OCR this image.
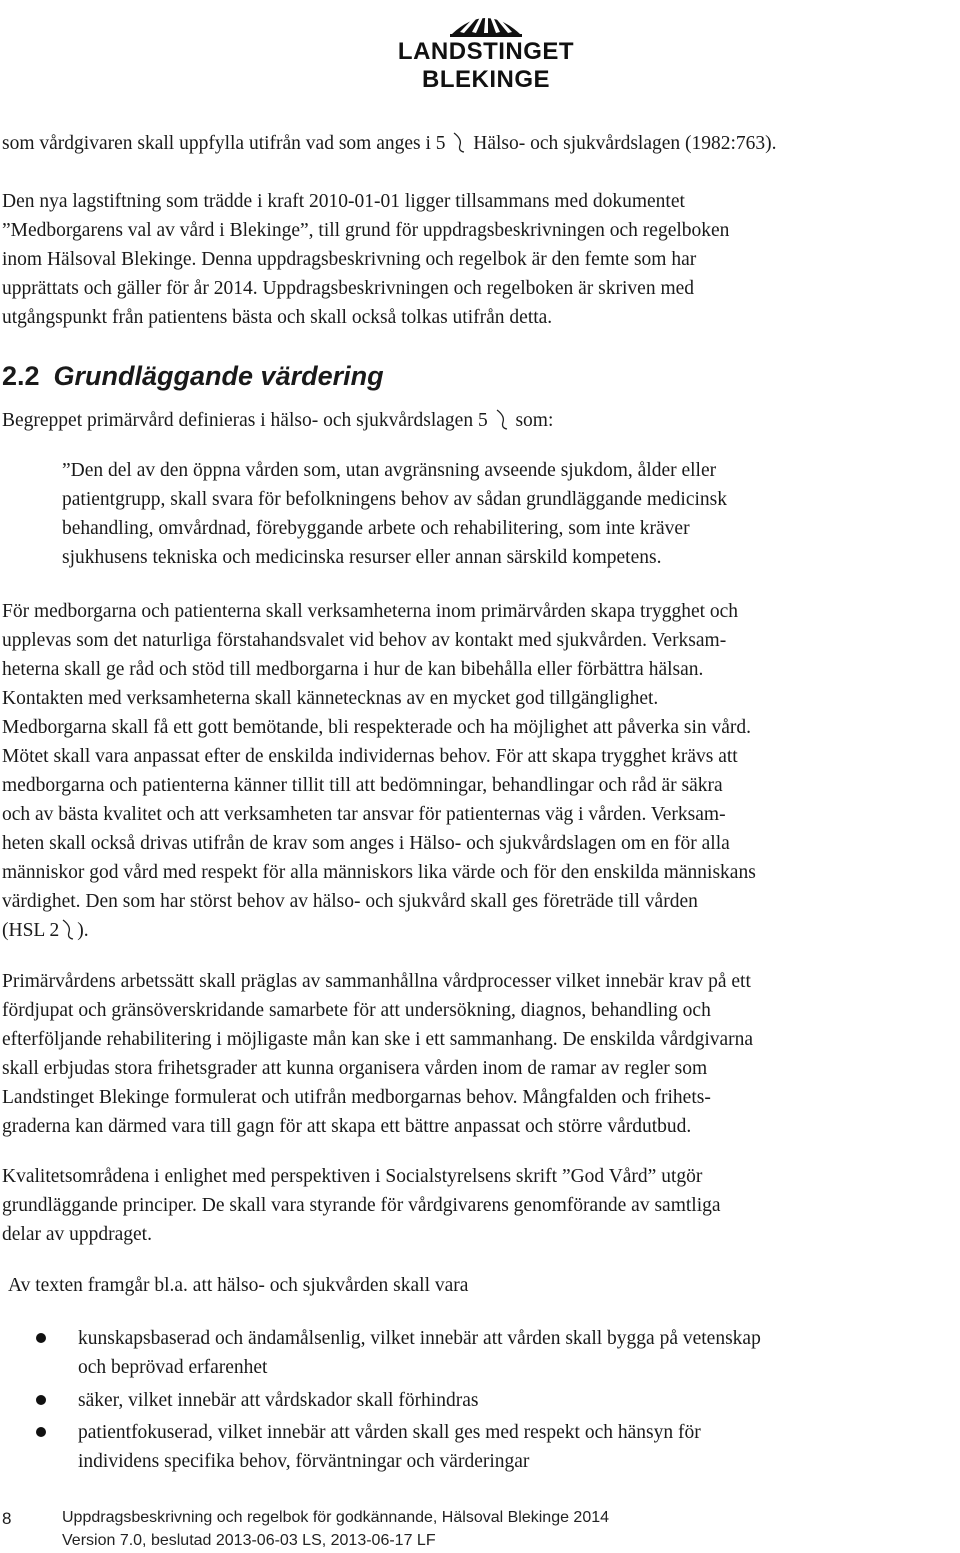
LANDSTINGET BLEKINGE
som vårdgivaren skall uppfylla utifrån vad som anges i 5 Hälso- och sjukvårdslagen (1982:763).
Den nya lagstiftning som trädde i kraft 2010-01-01 ligger tillsammans med dokumentet
”Medborgarens val av vård i Blekinge”, till grund för uppdragsbeskrivningen och regelboken
inom Hälsoval Blekinge. Denna uppdragsbeskrivning och regelbok är den femte som har
upprättats och gäller för år 2014. Uppdragsbeskrivningen och regelboken är skriven med
utgångspunkt från patientens bästa och skall också tolkas utifrån detta.
2.2 Grundläggande värdering
Begreppet primärvård definieras i hälso- och sjukvårdslagen 5 som:
”Den del av den öppna vården som, utan avgränsning avseende sjukdom, ålder eller
patientgrupp, skall svara för befolkningens behov av sådan grundläggande medicinsk
behandling, omvårdnad, förebyggande arbete och rehabilitering, som inte kräver
sjukhusens tekniska och medicinska resurser eller annan särskild kompetens.
För medborgarna och patienterna skall verksamheterna inom primärvården skapa trygghet och
upplevas som det naturliga förstahandsvalet vid behov av kontakt med sjukvården. Verksam-
heterna skall ge råd och stöd till medborgarna i hur de kan bibehålla eller förbättra hälsan.
Kontakten med verksamheterna skall kännetecknas av en mycket god tillgänglighet.
Medborgarna skall få ett gott bemötande, bli respekterade och ha möjlighet att påverka sin vård.
Mötet skall vara anpassat efter de enskilda individernas behov. För att skapa trygghet krävs att
medborgarna och patienterna känner tillit till att bedömningar, behandlingar och råd är säkra
och av bästa kvalitet och att verksamheten tar ansvar för patienternas väg i vården. Verksam-
heten skall också drivas utifrån de krav som anges i Hälso- och sjukvårdslagen om en för alla
människor god vård med respekt för alla människors lika värde och för den enskilda människans
värdighet. Den som har störst behov av hälso- och sjukvård skall ges företräde till vården
(HSL 2 ).
Primärvårdens arbetssätt skall präglas av sammanhållna vårdprocesser vilket innebär krav på ett
fördjupat och gränsöverskridande samarbete för att undersökning, diagnos, behandling och
efterföljande rehabilitering i möjligaste mån kan ske i ett sammanhang. De enskilda vårdgivarna
skall erbjudas stora frihetsgrader att kunna organisera vården inom de ramar av regler som
Landstinget Blekinge formulerat och utifrån medborgarnas behov. Mångfalden och frihets-
graderna kan därmed vara till gagn för att skapa ett bättre anpassat och större vårdutbud.
Kvalitetsområdena i enlighet med perspektiven i Socialstyrelsens skrift ”God Vård” utgör
grundläggande principer. De skall vara styrande för vårdgivarens genomförande av samtliga
delar av uppdraget.
Av texten framgår bl.a. att hälso- och sjukvården skall vara
kunskapsbaserad och ändamålsenlig, vilket innebär att vården skall bygga på vetenskap
och beprövad erfarenhet
säker, vilket innebär att vårdskador skall förhindras
patientfokuserad, vilket innebär att vården skall ges med respekt och hänsyn för
individens specifika behov, förväntningar och värderingar
8	Uppdragsbeskrivning och regelbok för godkännande, Hälsoval Blekinge 2014
Version 7.0, beslutad 2013-06-03 LS, 2013-06-17 LF
